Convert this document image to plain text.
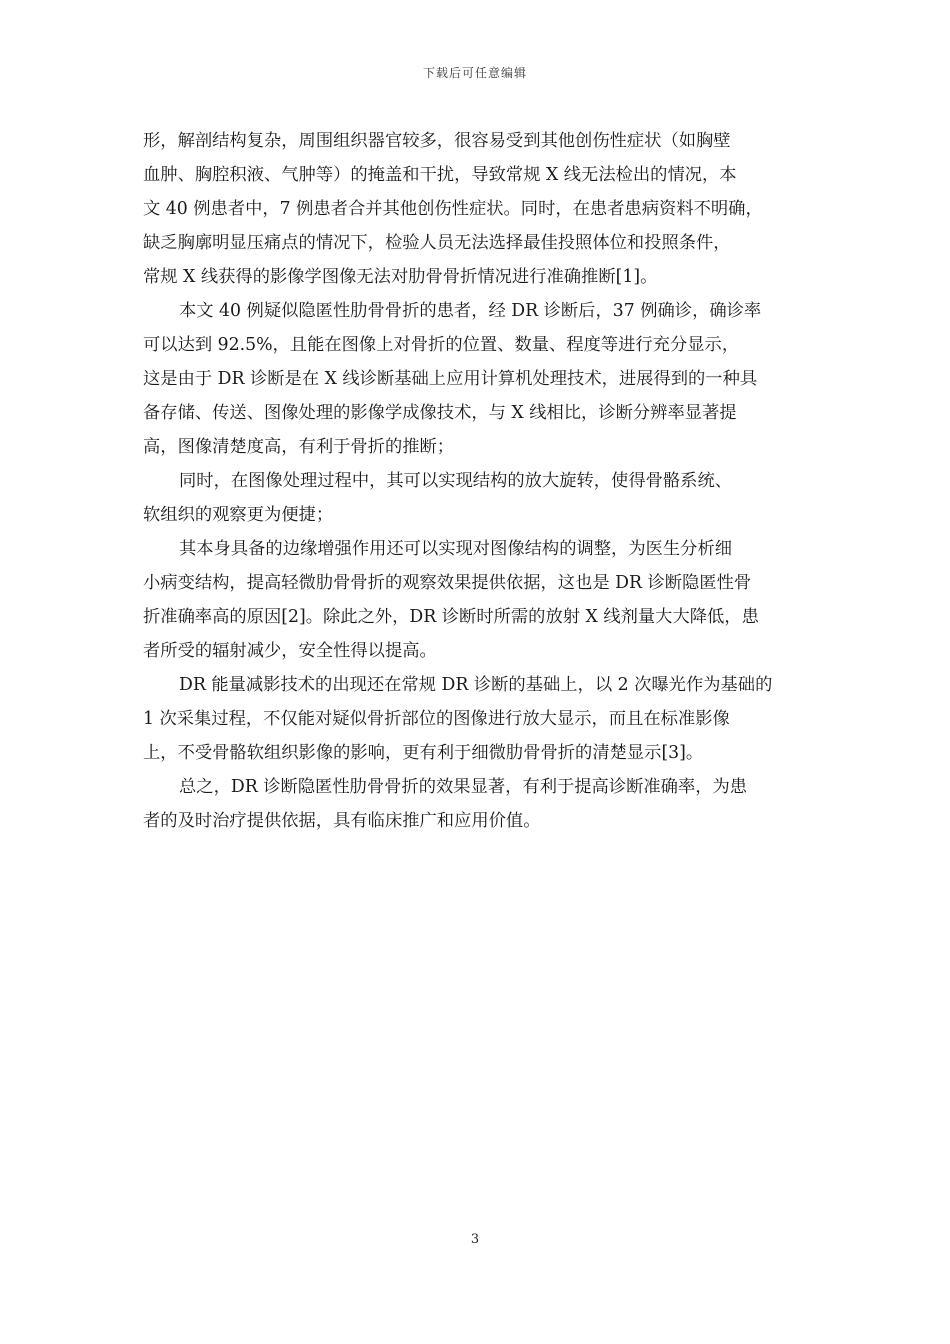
下载后可任意编辑
形，解剖结构复杂，周围组织器官较多，很容易受到其他创伤性症状（如胸壁
血肿、胸腔积液、气肿等）的掩盖和干扰，导致常规 X 线无法检出的情况，本
文 40 例患者中，7 例患者合并其他创伤性症状。同时，在患者患病资料不明确，
缺乏胸廓明显压痛点的情况下，检验人员无法选择最佳投照体位和投照条件，
常规 X 线获得的影像学图像无法对肋骨骨折情况进行准确推断[1]。
本文 40 例疑似隐匿性肋骨骨折的患者，经 DR 诊断后，37 例确诊，确诊率
可以达到 92.5%，且能在图像上对骨折的位置、数量、程度等进行充分显示，
这是由于 DR 诊断是在 X 线诊断基础上应用计算机处理技术，进展得到的一种具
备存储、传送、图像处理的影像学成像技术，与 X 线相比，诊断分辨率显著提
高，图像清楚度高，有利于骨折的推断；
同时，在图像处理过程中，其可以实现结构的放大旋转，使得骨骼系统、
软组织的观察更为便捷；
其本身具备的边缘增强作用还可以实现对图像结构的调整，为医生分析细
小病变结构，提高轻微肋骨骨折的观察效果提供依据，这也是 DR 诊断隐匿性骨
折准确率高的原因[2]。除此之外，DR 诊断时所需的放射 X 线剂量大大降低，患
者所受的辐射减少，安全性得以提高。
DR 能量减影技术的出现还在常规 DR 诊断的基础上，以 2 次曝光作为基础的
1 次采集过程，不仅能对疑似骨折部位的图像进行放大显示，而且在标准影像
上，不受骨骼软组织影像的影响，更有利于细微肋骨骨折的清楚显示[3]。
总之，DR 诊断隐匿性肋骨骨折的效果显著，有利于提高诊断准确率，为患
者的及时治疗提供依据，具有临床推广和应用价值。
3
